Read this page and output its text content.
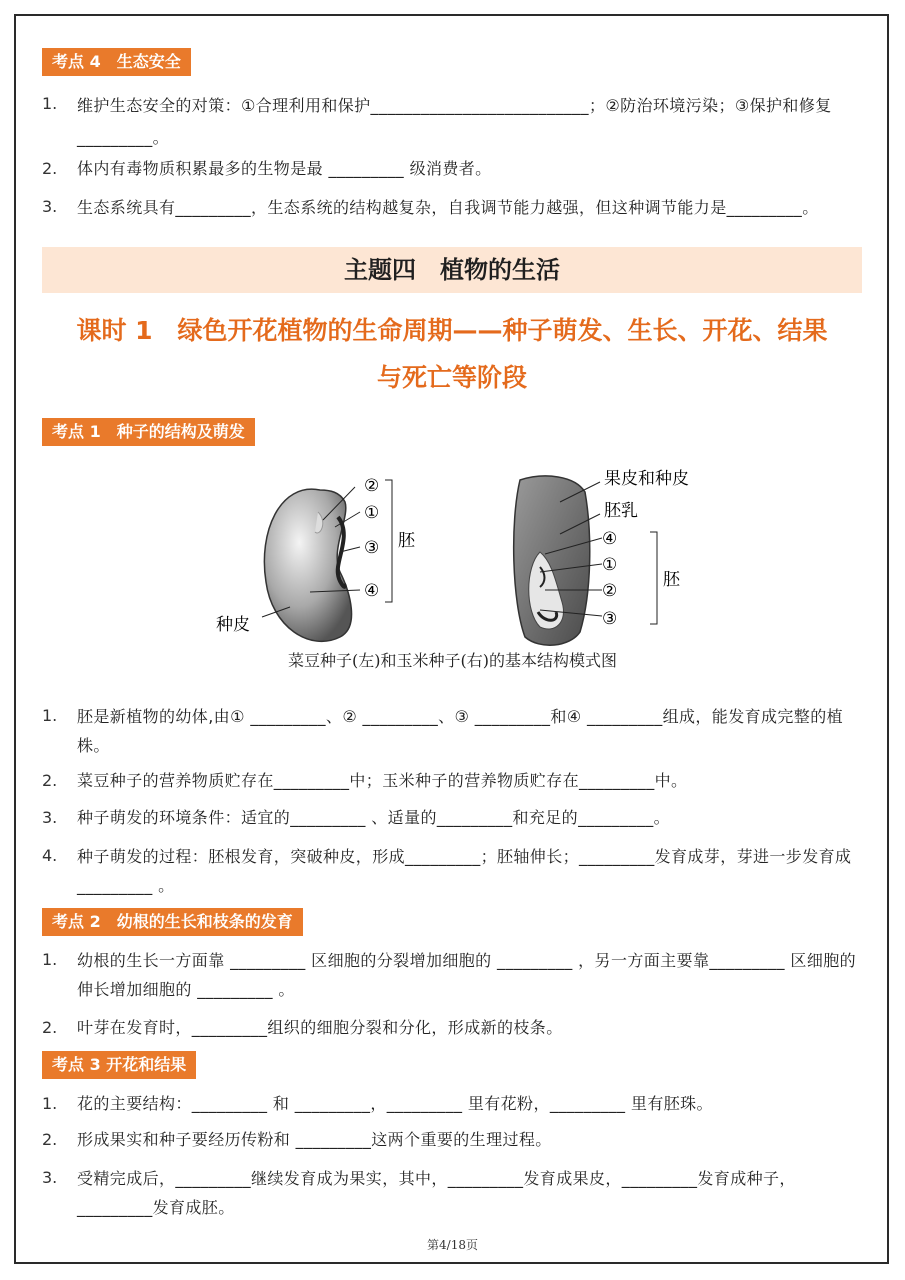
考点 4　生态安全
1.	维护生态安全的对策：①合理利用和保护__________________________；②防治环境污染；③保护和修复 _________。
2.	体内有毒物质积累最多的生物是最 _________ 级消费者。
3.	生态系统具有_________，生态系统的结构越复杂，自我调节能力越强，但这种调节能力是_________。
主题四　植物的生活
课时 1　绿色开花植物的生命周期——种子萌发、生长、开花、结果
与死亡等阶段
考点 1　种子的结构及萌发
②
①
③
④
胚
种皮
果皮和种皮
胚乳
④
①
②
③
胚
菜豆种子(左)和玉米种子(右)的基本结构模式图
1.	胚是新植物的幼体,由① _________、② _________、③ _________和④ _________组成，能发育成完整的植株。
2.	菜豆种子的营养物质贮存在_________中；玉米种子的营养物质贮存在_________中。
3.	种子萌发的环境条件：适宜的_________ 、适量的_________和充足的_________。
4.	种子萌发的过程：胚根发育，突破种皮，形成_________；胚轴伸长；_________发育成芽，芽进一步发育成 _________ 。
考点 2　幼根的生长和枝条的发育
1.	幼根的生长一方面靠 _________ 区细胞的分裂增加细胞的 _________ ，另一方面主要靠_________ 区细胞的伸长增加细胞的 _________ 。
2.	叶芽在发育时，_________组织的细胞分裂和分化，形成新的枝条。
考点 3 开花和结果
1.	花的主要结构：_________ 和 _________，_________ 里有花粉，_________ 里有胚珠。
2.	形成果实和种子要经历传粉和 _________这两个重要的生理过程。
3.	受精完成后，_________继续发育成为果实，其中，_________发育成果皮，_________发育成种子，_________发育成胚。
第4/18页
